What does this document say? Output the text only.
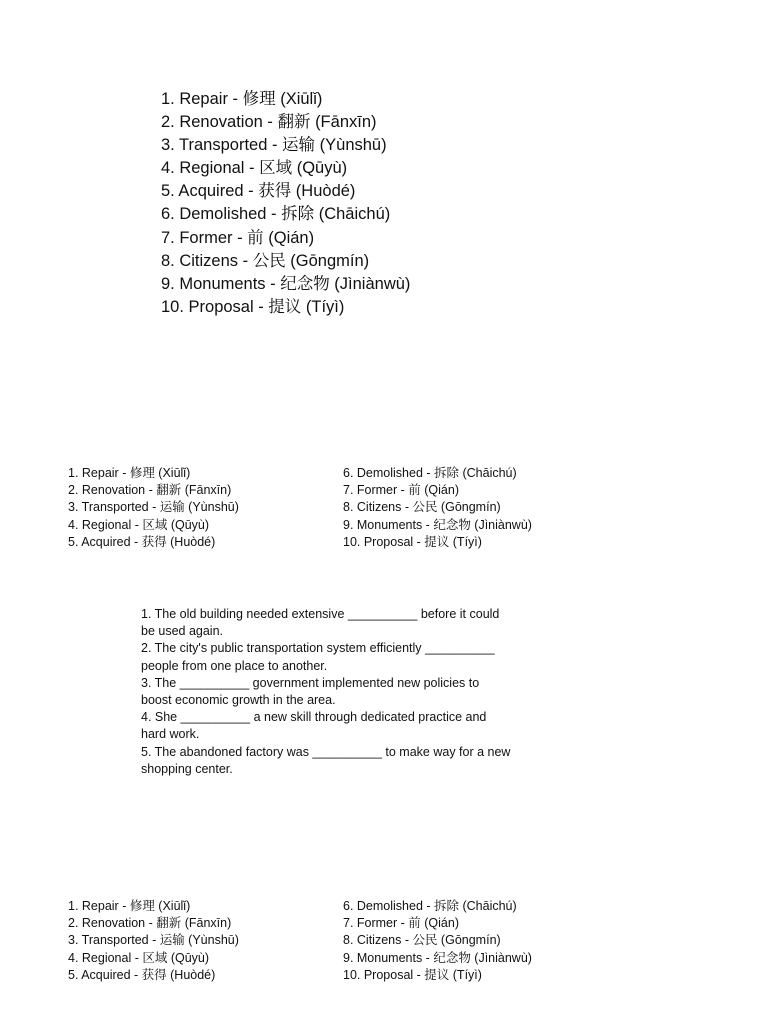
1. Repair - 修理 (Xiūlǐ)
2. Renovation - 翻新 (Fānxīn)
3. Transported - 运输 (Yùnshū)
4. Regional - 区域 (Qūyù)
5. Acquired - 获得 (Huòdé)
6. Demolished - 拆除 (Chāichú)
7. Former - 前 (Qián)
8. Citizens - 公民 (Gōngmín)
9. Monuments - 纪念物 (Jìniànwù)
10. Proposal - 提议 (Tíyì)
1. Repair - 修理 (Xiūlǐ)
2. Renovation - 翻新 (Fānxīn)
3. Transported - 运输 (Yùnshū)
4. Regional - 区域 (Qūyù)
5. Acquired - 获得 (Huòdé)
6. Demolished - 拆除 (Chāichú)
7. Former - 前 (Qián)
8. Citizens - 公民 (Gōngmín)
9. Monuments - 纪念物 (Jìniànwù)
10. Proposal - 提议 (Tíyì)
1. The old building needed extensive __________ before it could be used again.
2. The city's public transportation system efficiently __________ people from one place to another.
3. The __________ government implemented new policies to boost economic growth in the area.
4. She __________ a new skill through dedicated practice and hard work.
5. The abandoned factory was __________ to make way for a new shopping center.
1. Repair - 修理 (Xiūlǐ)
2. Renovation - 翻新 (Fānxīn)
3. Transported - 运输 (Yùnshū)
4. Regional - 区域 (Qūyù)
5. Acquired - 获得 (Huòdé)
6. Demolished - 拆除 (Chāichú)
7. Former - 前 (Qián)
8. Citizens - 公民 (Gōngmín)
9. Monuments - 纪念物 (Jìniànwù)
10. Proposal - 提议 (Tíyì)
